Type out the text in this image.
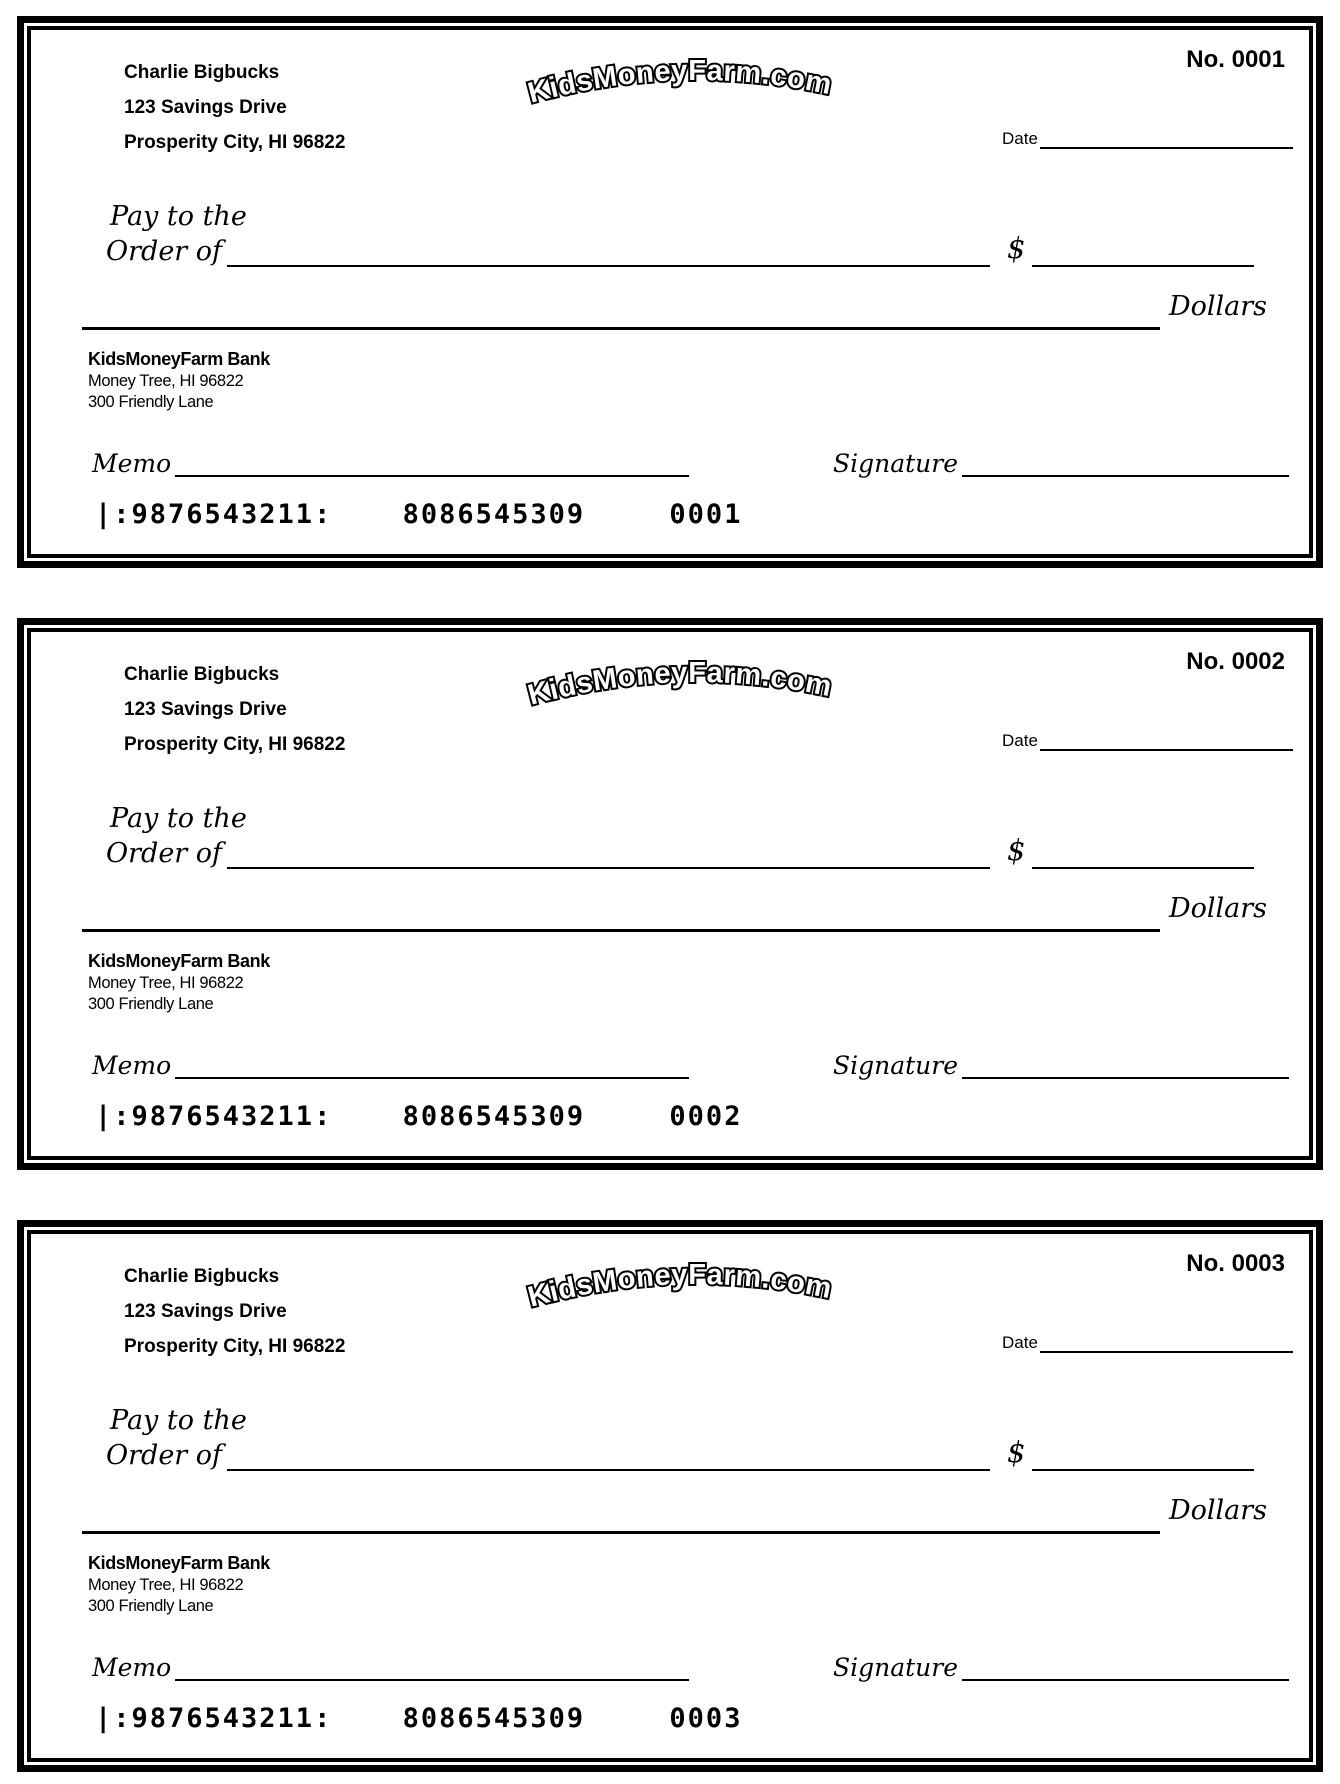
Charlie Bigbucks
123 Savings Drive
Prosperity City, HI 96822
KidsMoneyFarm.com
No. 0001
Date
Pay to the
Order of	$
Dollars
KidsMoneyFarm Bank
Money Tree, HI 96822
300 Friendly Lane
Memo	Signature
|:9876543211:	8086545309	0001
Charlie Bigbucks
123 Savings Drive
Prosperity City, HI 96822
KidsMoneyFarm.com
No. 0002
Date
Pay to the
Order of	$
Dollars
KidsMoneyFarm Bank
Money Tree, HI 96822
300 Friendly Lane
Memo	Signature
|:9876543211:	8086545309	0002
Charlie Bigbucks
123 Savings Drive
Prosperity City, HI 96822
KidsMoneyFarm.com
No. 0003
Date
Pay to the
Order of	$
Dollars
KidsMoneyFarm Bank
Money Tree, HI 96822
300 Friendly Lane
Memo	Signature
|:9876543211:	8086545309	0003
